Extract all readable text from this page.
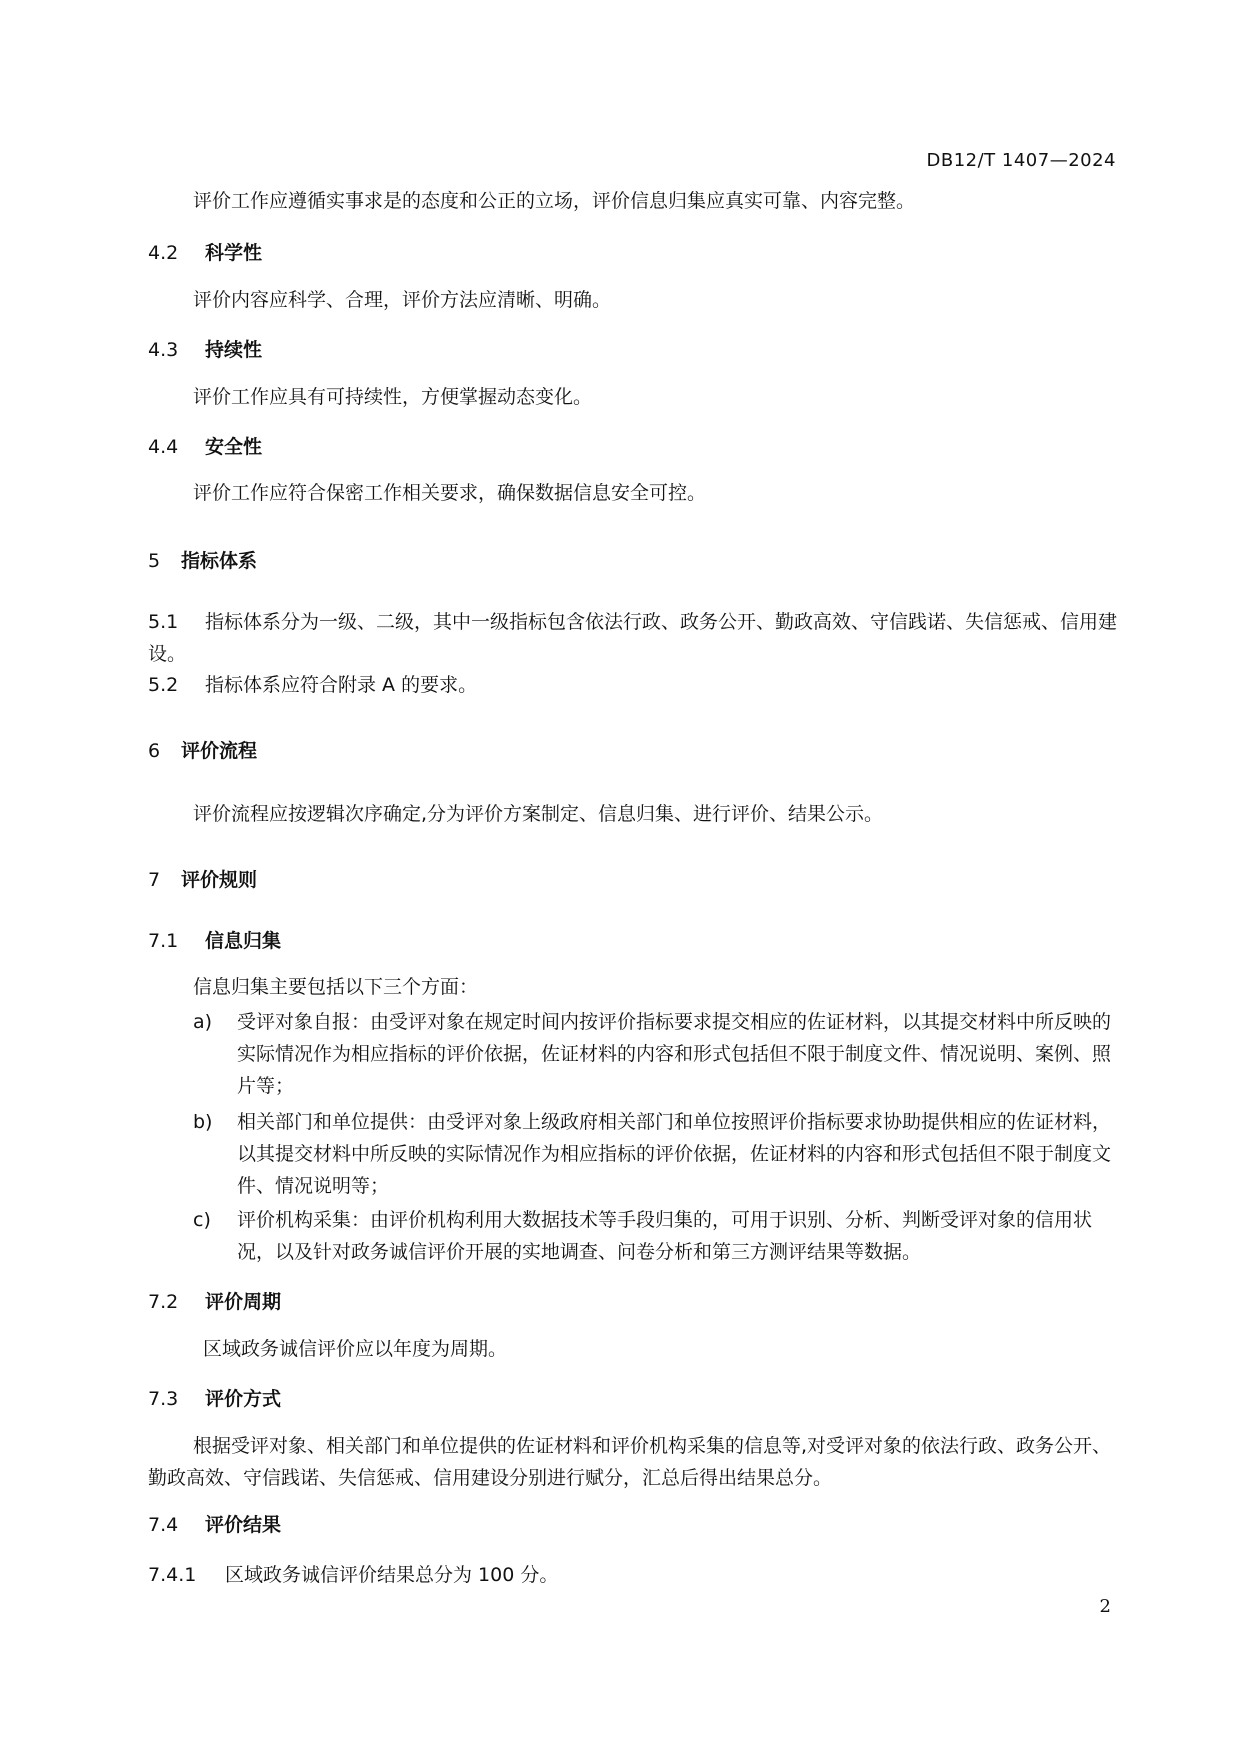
DB12/T 1407—2024
评价工作应遵循实事求是的态度和公正的立场，评价信息归集应真实可靠、内容完整。
4.2 科学性
评价内容应科学、合理，评价方法应清晰、明确。
4.3 持续性
评价工作应具有可持续性，方便掌握动态变化。
4.4 安全性
评价工作应符合保密工作相关要求，确保数据信息安全可控。
5 指标体系
5.1 指标体系分为一级、二级，其中一级指标包含依法行政、政务公开、勤政高效、守信践诺、失信惩戒、信用建设。
5.2 指标体系应符合附录 A 的要求。
6 评价流程
评价流程应按逻辑次序确定,分为评价方案制定、信息归集、进行评价、结果公示。
7 评价规则
7.1 信息归集
信息归集主要包括以下三个方面：
a)	受评对象自报：由受评对象在规定时间内按评价指标要求提交相应的佐证材料，以其提交材料中所反映的实际情况作为相应指标的评价依据，佐证材料的内容和形式包括但不限于制度文件、情况说明、案例、照片等；
b)	相关部门和单位提供：由受评对象上级政府相关部门和单位按照评价指标要求协助提供相应的佐证材料，以其提交材料中所反映的实际情况作为相应指标的评价依据，佐证材料的内容和形式包括但不限于制度文件、情况说明等；
c)	评价机构采集：由评价机构利用大数据技术等手段归集的，可用于识别、分析、判断受评对象的信用状况，以及针对政务诚信评价开展的实地调查、问卷分析和第三方测评结果等数据。
7.2 评价周期
区域政务诚信评价应以年度为周期。
7.3 评价方式
根据受评对象、相关部门和单位提供的佐证材料和评价机构采集的信息等,对受评对象的依法行政、政务公开、勤政高效、守信践诺、失信惩戒、信用建设分别进行赋分，汇总后得出结果总分。
7.4 评价结果
7.4.1 区域政务诚信评价结果总分为 100 分。
2
